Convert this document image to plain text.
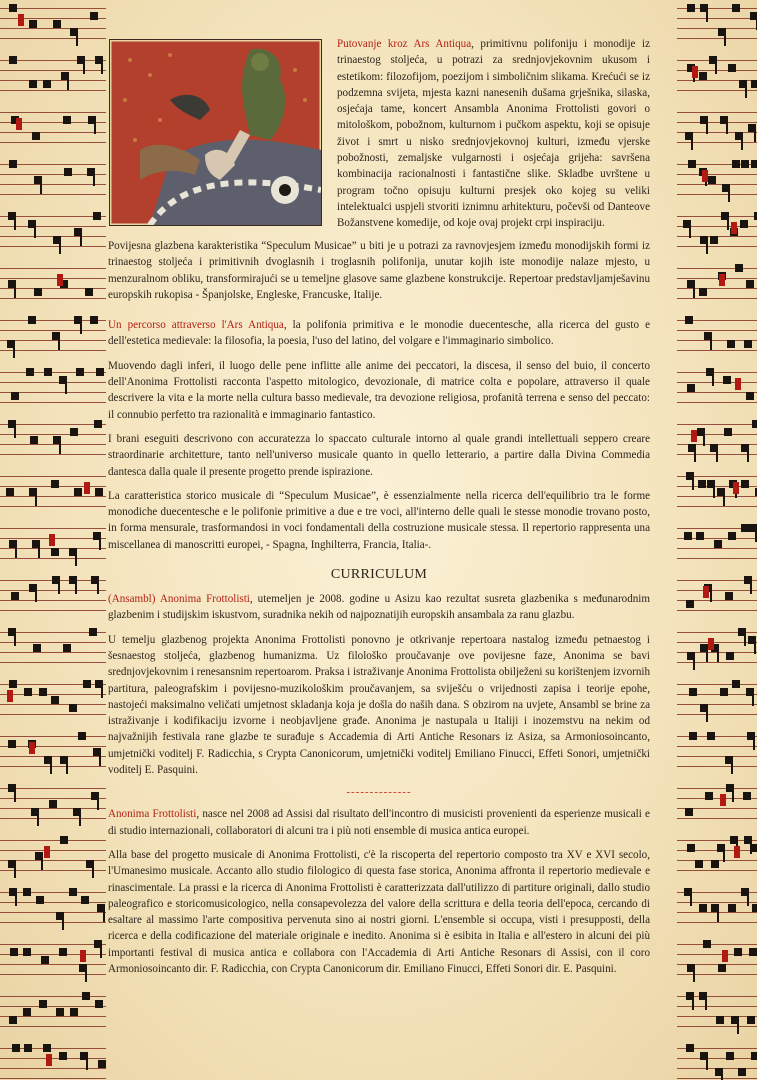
Putovanje kroz Ars Antiqua, primitivnu polifoniju i monodije iz trinaestog stoljeća, u potrazi za srednjovjekovnim ukusom i estetikom: filozofijom, poezijom i simboličnim slikama. Krećući se iz podzemna svijeta, mjesta kazni nanesenih dušama grješnika, silaska, osjećaja tame, koncert Ansambla Anonima Frottolisti govori o mitološkom, pobožnom, kulturnom i pučkom aspektu, koji se opisuje život i smrt u nisko srednjovjekovnoj kulturi, između vjerske pobožnosti, zemaljske vulgarnosti i osjećaja grijeha: savršena kombinacija racionalnosti i fantastične slike. Skladbe uvrštene u program točno opisuju kulturni presjek oko kojeg su veliki intelektualci uspjeli stvoriti iznimnu arhitekturu, počevši od Danteove Božanstvene komedije, od koje ovaj projekt crpi inspiraciju.

Povijesna glazbena karakteristika “Speculum Musicae” u biti je u potrazi za ravnovjesjem između monodijskih formi iz trinaestog stoljeća i primitivnih dvoglasnih i troglasnih polifonija, unutar kojih iste monodije nalaze mjesto, u menzuralnom obliku, transformirajući se u temeljne glasove same glazbene konstrukcije. Repertoar predstavljamješavinu europskih rukopisa - Španjolske, Engleske, Francuske, Italije.

Un percorso attraverso l'Ars Antiqua, la polifonia primitiva e le monodie duecentesche, alla ricerca del gusto e dell'estetica medievale: la filosofia, la poesia, l'uso del latino, del volgare e l'immaginario simbolico.

Muovendo dagli inferi, il luogo delle pene inflitte alle anime dei peccatori, la discesa, il senso del buio, il concerto dell'Anonima Frottolisti racconta l'aspetto mitologico, devozionale, di matrice colta e popolare, attraverso il quale descrivere la vita e la morte nella cultura basso medievale, tra devozione religiosa, profanità terrena e senso del peccato: il connubio perfetto tra razionalità e immaginario fantastico.

I brani eseguiti descrivono con accuratezza lo spaccato culturale intorno al quale grandi intellettuali seppero creare straordinarie architetture, tanto nell'universo musicale quanto in quello letterario, a partire dalla Divina Commedia dantesca dalla quale il presente progetto prende ispirazione.

La caratteristica storico musicale di “Speculum Musicae”, è essenzialmente nella ricerca dell'equilibrio tra le forme monodiche duecentesche e le polifonie primitive a due e tre voci, all'interno delle quali le stesse monodie trovano posto, in forma mensurale, trasformandosi in voci fondamentali della costruzione musicale stessa. Il repertorio rappresenta una miscellanea di manoscritti europei, - Spagna, Inghilterra, Francia, Italia-.

CURRICULUM

(Ansambl) Anonima Frottolisti, utemeljen je 2008. godine u Asizu kao rezultat susreta glazbenika s međunarodnim glazbenim i studijskim iskustvom, suradnika nekih od najpoznatijih europskih ansambala za ranu glazbu.

U temelju glazbenog projekta Anonima Frottolisti ponovno je otkrivanje repertoara nastalog između petnaestog i šesnaestog stoljeća, glazbenog humanizma. Uz filološko proučavanje ove povijesne faze, Anonima se bavi srednjovjekovnim i renesansnim repertoarom. Praksa i istraživanje Anonima Frottolista obilježeni su korištenjem izvornih partitura, paleografskim i povijesno-muzikološkim proučavanjem, sa sviješću o vrijednosti zapisa i teorije epohe, nastojeći maksimalno veličati umjetnost skladanja koja je došla do naših dana. S obzirom na uvjete, Ansambl se brine za istraživanje i kodifikaciju izvorne i neobjavljene građe. Anonima je nastupala u Italiji i inozemstvu na nekim od najvažnijih festivala rane glazbe te surađuje s Accademia di Arti Antiche Resonars iz Asiza, sa Armoniosoincanto, umjetnički voditelj F. Radicchia, s Crypta Canonicorum, umjetnički voditelj Emiliano Finucci, Effeti Sonori, umjetnički voditelj E. Pasquini.

--------------

Anonima Frottolisti, nasce nel 2008 ad Assisi dal risultato dell'incontro di musicisti provenienti da esperienze musicali e di studio internazionali, collaboratori di alcuni tra i più noti ensemble di musica antica europei.

Alla base del progetto musicale di Anonima Frottolisti, c'è la riscoperta del repertorio composto tra XV e XVI secolo, l'Umanesimo musicale. Accanto allo studio filologico di questa fase storica, Anonima affronta il repertorio medievale e rinascimentale. La prassi e la ricerca di Anonima Frottolisti è caratterizzata dall'utilizzo di partiture originali, dallo studio paleografico e storicomusicologico, nella consapevolezza del valore della scrittura e della teoria dell'epoca, cercando di esaltare al massimo l'arte compositiva pervenuta sino ai nostri giorni. L'ensemble si occupa, visti i presupposti, della ricerca e della codificazione del materiale originale e inedito. Anonima si è esibita in Italia e all'estero in alcuni dei più importanti festival di musica antica e collabora con l'Accademia di Arti Antiche Resonars di Assisi, con il coro Armoniosoincanto dir. F. Radicchia, con Crypta Canonicorum dir. Emiliano Finucci, Effeti Sonori dir. E. Pasquini.
